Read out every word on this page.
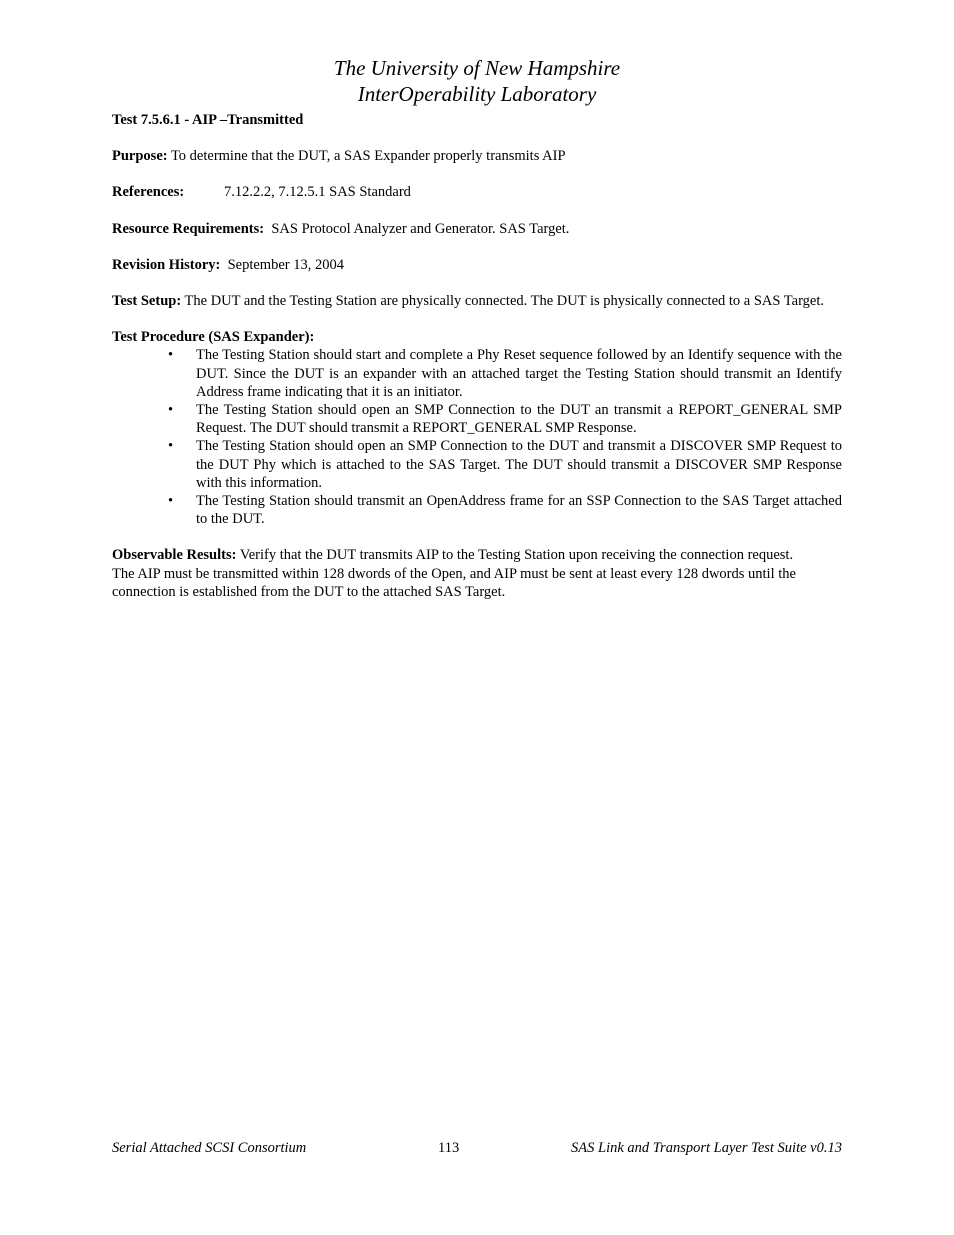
The University of New Hampshire
InterOperability Laboratory

Test 7.5.6.1 - AIP –Transmitted

Purpose: To determine that the DUT, a SAS Expander properly transmits AIP

References:	7.12.2.2, 7.12.5.1 SAS Standard

Resource Requirements:  SAS Protocol Analyzer and Generator. SAS Target.

Revision History:  September 13, 2004

Test Setup: The DUT and the Testing Station are physically connected. The DUT is physically connected to a SAS Target.

Test Procedure (SAS Expander):

• The Testing Station should start and complete a Phy Reset sequence followed by an Identify sequence with the DUT. Since the DUT is an expander with an attached target the Testing Station should transmit an Identify Address frame indicating that it is an initiator.
• The Testing Station should open an SMP Connection to the DUT an transmit a REPORT_GENERAL SMP Request. The DUT should transmit a REPORT_GENERAL SMP Response.
• The Testing Station should open an SMP Connection to the DUT and transmit a DISCOVER SMP Request to the DUT Phy which is attached to the SAS Target. The DUT should transmit a DISCOVER SMP Response with this information.
• The Testing Station should transmit an OpenAddress frame for an SSP Connection to the SAS Target attached to the DUT.

Observable Results: Verify that the DUT transmits AIP to the Testing Station upon receiving the connection request. The AIP must be transmitted within 128 dwords of the Open, and AIP must be sent at least every 128 dwords until the connection is established from the DUT to the attached SAS Target.

Serial Attached SCSI Consortium	113	SAS Link and Transport Layer Test Suite v0.13
